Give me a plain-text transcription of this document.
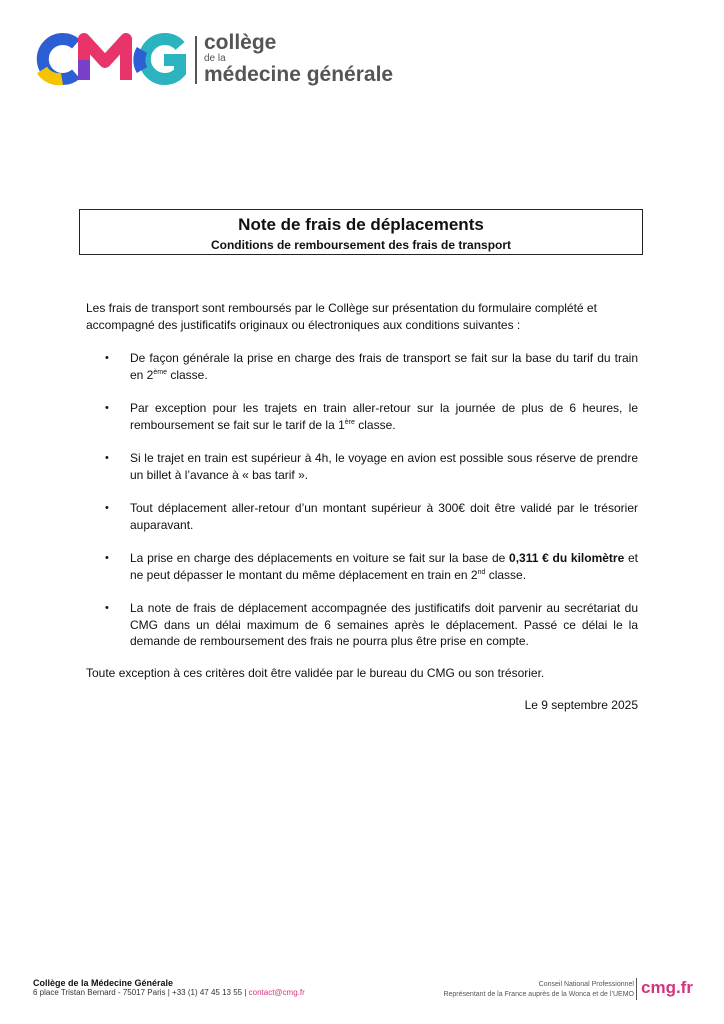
collège
de la
médecine générale
Note de frais de déplacements
Conditions de remboursement des frais de transport

Les frais de transport sont remboursés par le Collège sur présentation du formulaire complété et accompagné des justificatifs originaux ou électroniques aux conditions suivantes :

• De façon générale la prise en charge des frais de transport se fait sur la base du tarif du train en 2ème classe.
• Par exception pour les trajets en train aller-retour sur la journée de plus de 6 heures, le remboursement se fait sur le tarif de la 1ère classe.
• Si le trajet en train est supérieur à 4h, le voyage en avion est possible sous réserve de prendre un billet à l’avance à « bas tarif ».
• Tout déplacement aller-retour d’un montant supérieur à 300€ doit être validé par le trésorier auparavant.
• La prise en charge des déplacements en voiture se fait sur la base de 0,311 € du kilomètre et ne peut dépasser le montant du même déplacement en train en 2nd classe.
• La note de frais de déplacement accompagnée des justificatifs doit parvenir au secrétariat du CMG dans un délai maximum de 6 semaines après le déplacement. Passé ce délai le la demande de remboursement des frais ne pourra plus être prise en compte.

Toute exception à ces critères doit être validée par le bureau du CMG ou son trésorier.

Le 9 septembre 2025
Collège de la Médecine Générale
6 place Tristan Bernard - 75017 Paris | +33 (1) 47 45 13 55 | contact@cmg.fr
Conseil National Professionnel
Représentant de la France auprès de la Wonca et de l’UEMO cmg.fr
